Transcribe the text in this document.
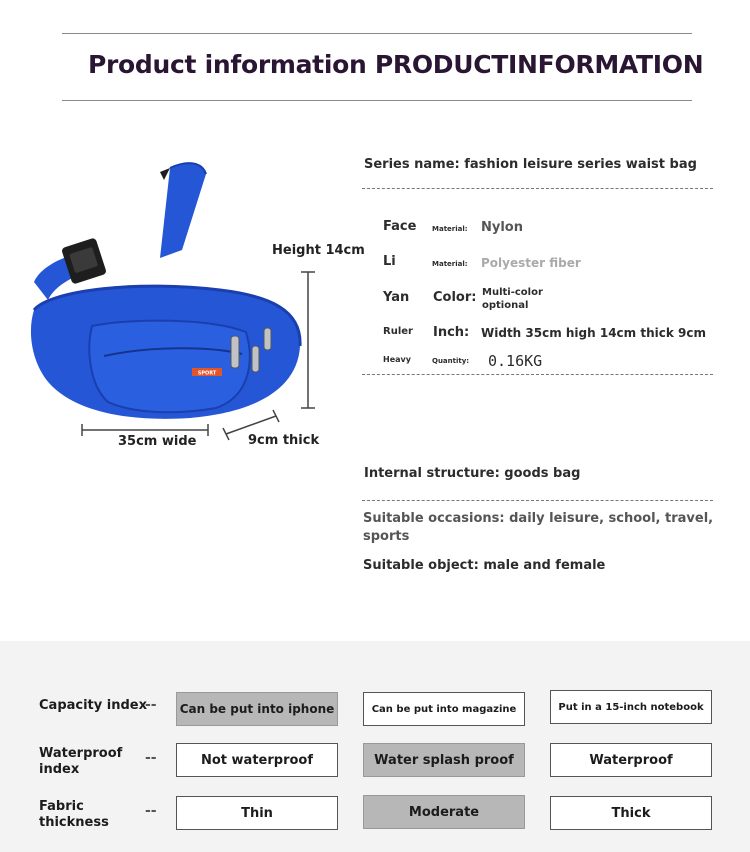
Product information PRODUCTINFORMATION
SPORT
Height 14cm
35cm wide	9cm thick
Series name: fashion leisure series waist bag
Face Material: Nylon
Li	Material: Polyester fiber
Yan Color: Multi-color
optional
Ruler Inch: Width 35cm high 14cm thick 9cm
Heavy	Quantity: 0.16KG
Internal structure: goods bag
Suitable occasions: daily leisure, school, travel,
sports
Suitable object: male and female
Capacity index
-- Can be put into iphone	Can be put into magazine	Put in a 15-inch notebook
Waterproof
index
--	Not waterproof	Water splash proof	Waterproof
Fabric
thickness
--	Thin	Moderate	Thick
